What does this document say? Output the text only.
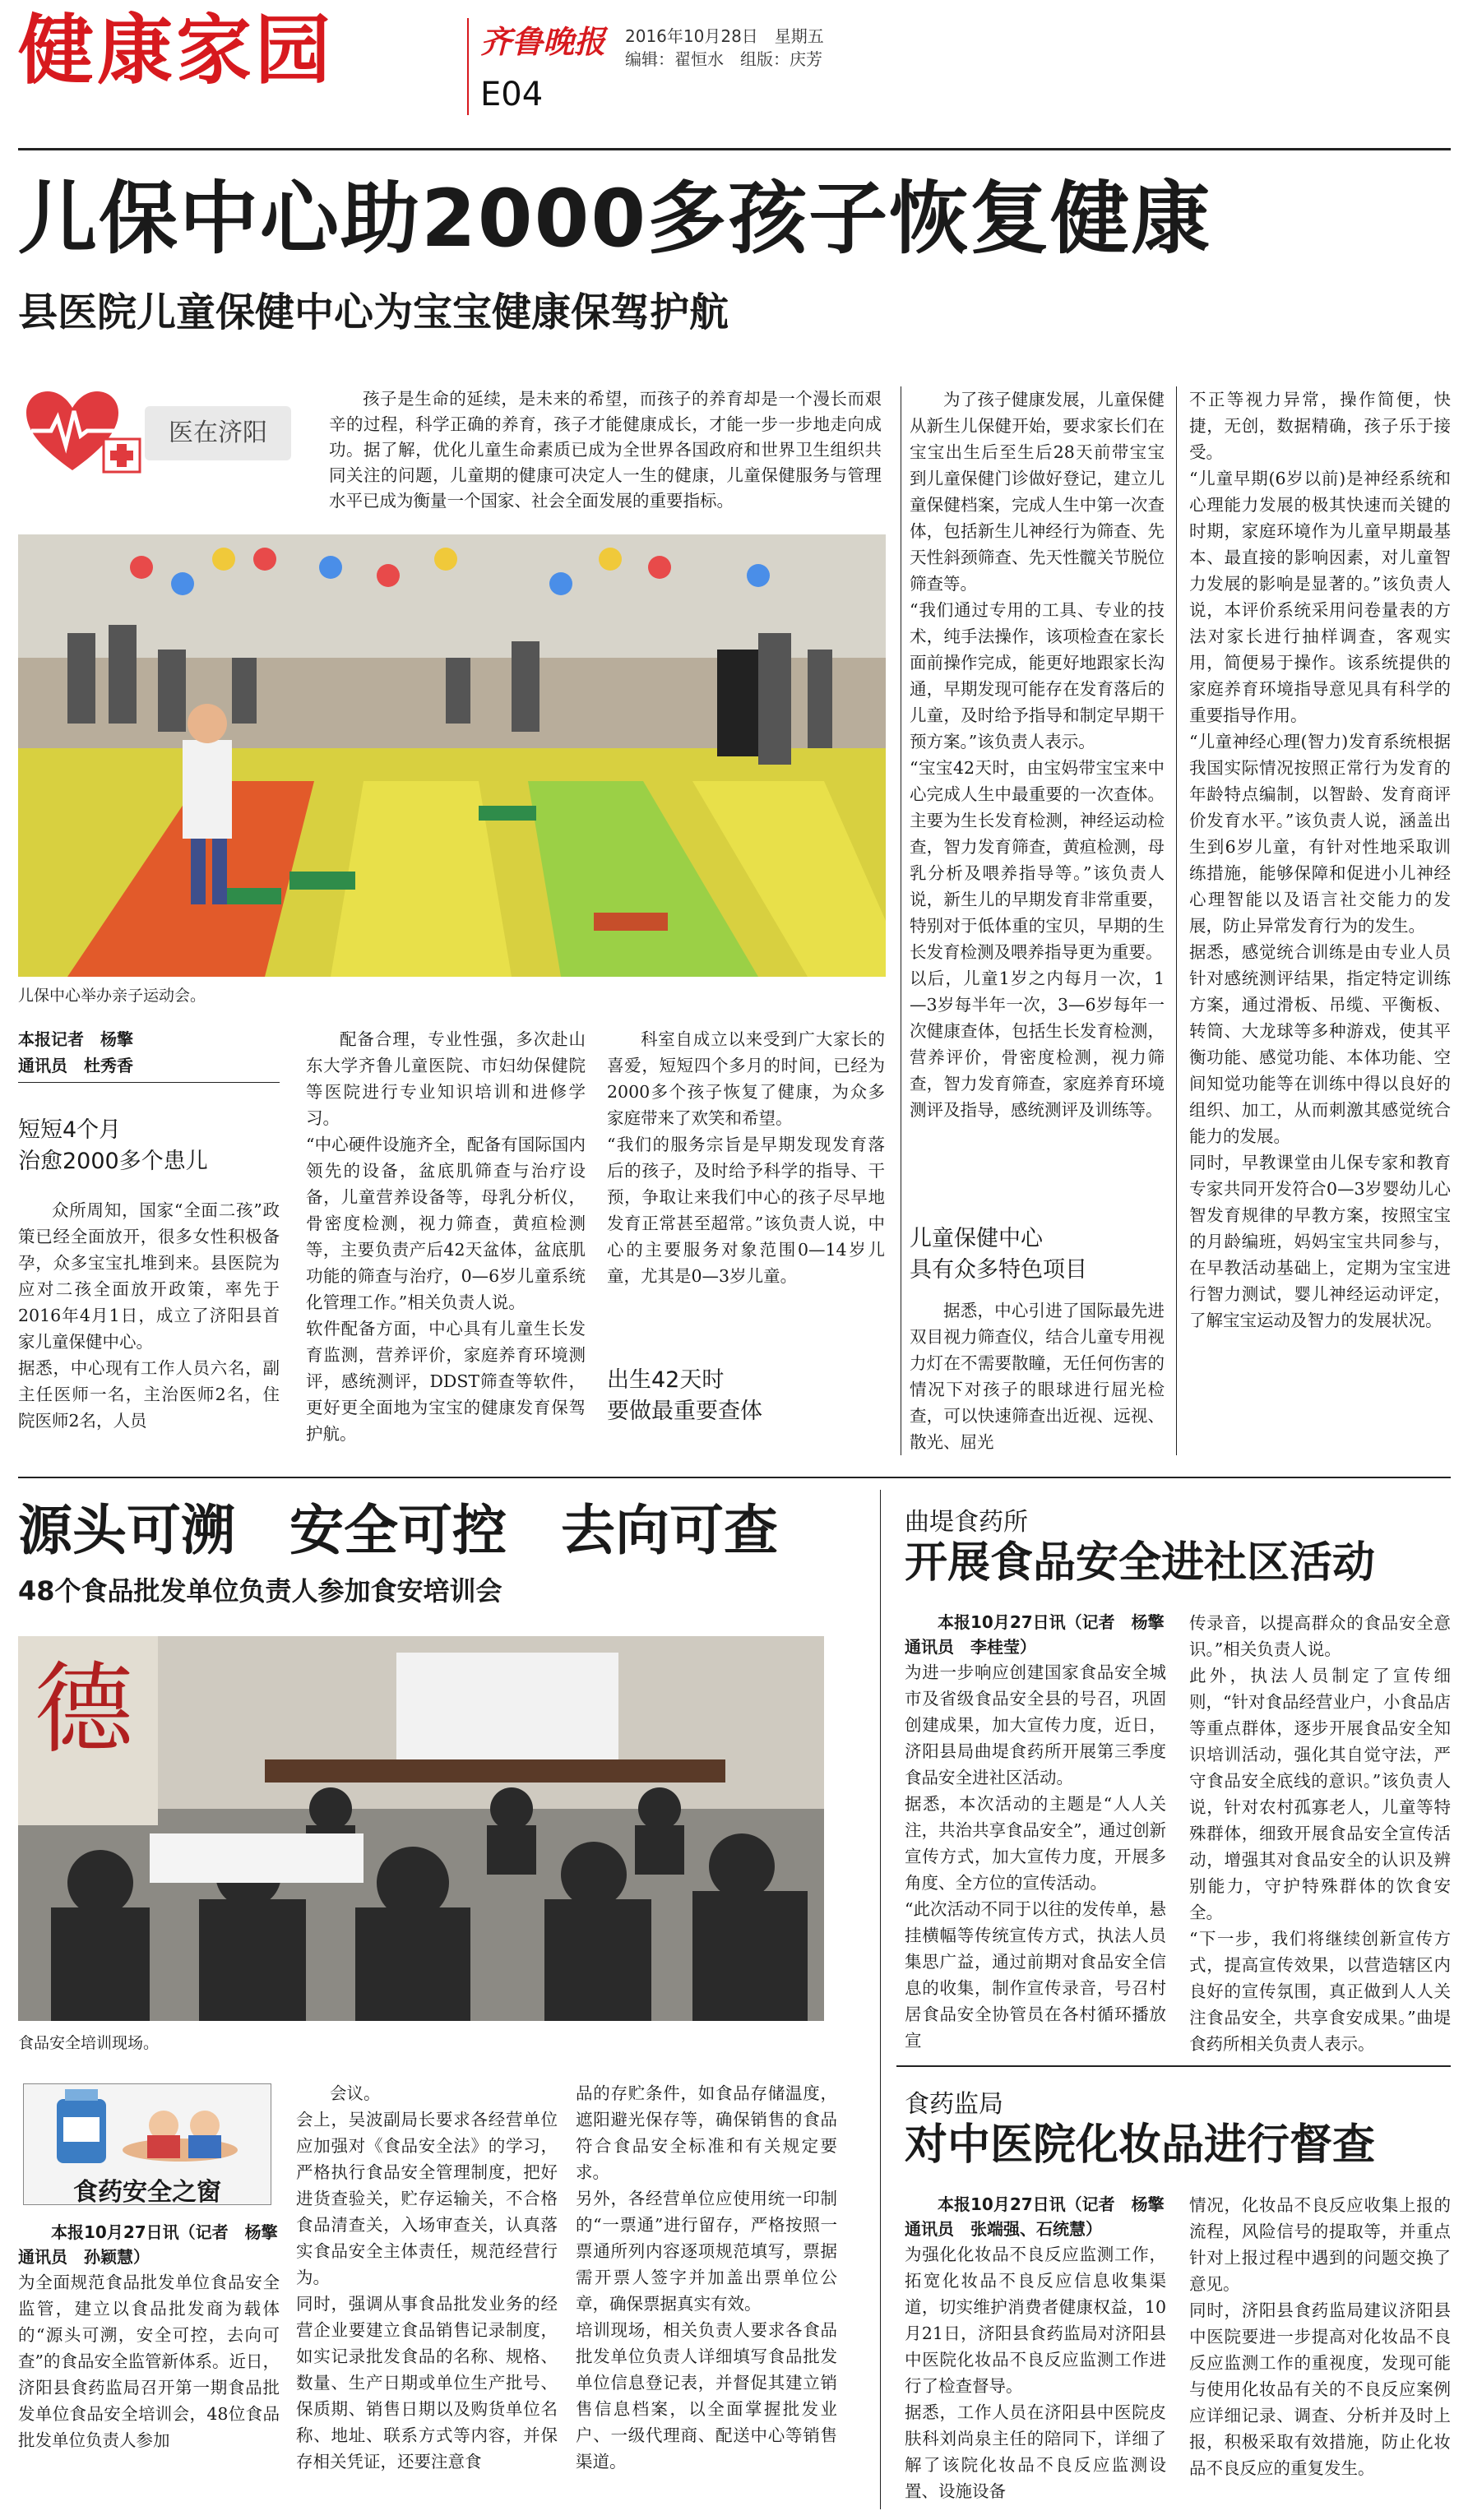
健康家园	齐鲁晚报 2016年10月28日　星期五
编辑：翟恒水　组版：庆芳
E04
儿保中心助2000多孩子恢复健康
县医院儿童保健中心为宝宝健康保驾护航
医在济阳

孩子是生命的延续，是未来的希望，而孩子的养育却是一个漫长而艰辛的过程，科学正确的养育，孩子才能健康成长，才能一步一步地走向成功。据了解，优化儿童生命素质已成为全世界各国政府和世界卫生组织共同关注的问题，儿童期的健康可决定人一生的健康，儿童保健服务与管理水平已成为衡量一个国家、社会全面发展的重要指标。

儿保中心举办亲子运动会。
本报记者　杨擎
通讯员　杜秀香
短短4个月
治愈2000多个患儿
众所周知，国家“全面二孩”政策已经全面放开，很多女性积极备孕，众多宝宝扎堆到来。县医院为应对二孩全面放开政策，率先于2016年4月1日，成立了济阳县首家儿童保健中心。
据悉，中心现有工作人员六名，副主任医师一名，主治医师2名，住院医师2名，人员
配备合理，专业性强，多次赴山东大学齐鲁儿童医院、市妇幼保健院等医院进行专业知识培训和进修学习。
“中心硬件设施齐全，配备有国际国内领先的设备，盆底肌筛查与治疗设备，儿童营养设备等，母乳分析仪，骨密度检测，视力筛查，黄疸检测等，主要负责产后42天盆体，盆底肌功能的筛查与治疗，0—6岁儿童系统化管理工作。”相关负责人说。
软件配备方面，中心具有儿童生长发育监测，营养评价，家庭养育环境测评，感统测评，DDST筛查等软件，更好更全面地为宝宝的健康发育保驾护航。
科室自成立以来受到广大家长的喜爱，短短四个多月的时间，已经为2000多个孩子恢复了健康，为众多家庭带来了欢笑和希望。
“我们的服务宗旨是早期发现发育落后的孩子，及时给予科学的指导、干预，争取让来我们中心的孩子尽早地发育正常甚至超常。”该负责人说，中心的主要服务对象范围0—14岁儿童，尤其是0—3岁儿童。
出生42天时
要做最重要查体
为了孩子健康发展，儿童保健从新生儿保健开始，要求家长们在宝宝出生后至生后28天前带宝宝到儿童保健门诊做好登记，建立儿童保健档案，完成人生中第一次查体，包括新生儿神经行为筛查、先天性斜颈筛查、先天性髋关节脱位筛查等。
“我们通过专用的工具、专业的技术，纯手法操作，该项检查在家长面前操作完成，能更好地跟家长沟通，早期发现可能存在发育落后的儿童，及时给予指导和制定早期干预方案。”该负责人表示。
“宝宝42天时，由宝妈带宝宝来中心完成人生中最重要的一次查体。主要为生长发育检测，神经运动检查，智力发育筛查，黄疸检测，母乳分析及喂养指导等。”该负责人说，新生儿的早期发育非常重要，特别对于低体重的宝贝，早期的生长发育检测及喂养指导更为重要。
以后，儿童1岁之内每月一次，1—3岁每半年一次，3—6岁每年一次健康查体，包括生长发育检测，营养评价，骨密度检测，视力筛查，智力发育筛查，家庭养育环境测评及指导，感统测评及训练等。
儿童保健中心
具有众多特色项目
据悉，中心引进了国际最先进双目视力筛查仪，结合儿童专用视力灯在不需要散瞳，无任何伤害的情况下对孩子的眼球进行屈光检查，可以快速筛查出近视、远视、散光、屈光
不正等视力异常，操作简便，快捷，无创，数据精确，孩子乐于接受。
“儿童早期(6岁以前)是神经系统和心理能力发展的极其快速而关键的时期，家庭环境作为儿童早期最基本、最直接的影响因素，对儿童智力发展的影响是显著的。”该负责人说，本评价系统采用问卷量表的方法对家长进行抽样调查，客观实用，简便易于操作。该系统提供的家庭养育环境指导意见具有科学的重要指导作用。
“儿童神经心理(智力)发育系统根据我国实际情况按照正常行为发育的年龄特点编制，以智龄、发育商评价发育水平。”该负责人说，涵盖出生到6岁儿童，有针对性地采取训练措施，能够保障和促进小儿神经心理智能以及语言社交能力的发展，防止异常发育行为的发生。
据悉，感觉统合训练是由专业人员针对感统测评结果，指定特定训练方案，通过滑板、吊缆、平衡板、转筒、大龙球等多种游戏，使其平衡功能、感觉功能、本体功能、空间知觉功能等在训练中得以良好的组织、加工，从而刺激其感觉统合能力的发展。
同时，早教课堂由儿保专家和教育专家共同开发符合0—3岁婴幼儿心智发育规律的早教方案，按照宝宝的月龄编班，妈妈宝宝共同参与，在早教活动基础上，定期为宝宝进行智力测试，婴儿神经运动评定，了解宝宝运动及智力的发展状况。
源头可溯　安全可控　去向可查
48个食品批发单位负责人参加食安培训会
德
食品安全培训现场。
食药安全之窗
本报10月27日讯（记者　杨擎　通讯员　孙颖慧）
为全面规范食品批发单位食品安全监管，建立以食品批发商为载体的“源头可溯，安全可控，去向可查”的食品安全监管新体系。近日，济阳县食药监局召开第一期食品批发单位食品安全培训会，48位食品批发单位负责人参加
会议。
会上，吴波副局长要求各经营单位应加强对《食品安全法》的学习，严格执行食品安全管理制度，把好进货查验关，贮存运输关，不合格食品清查关，入场审查关，认真落实食品安全主体责任，规范经营行为。
同时，强调从事食品批发业务的经营企业要建立食品销售记录制度，如实记录批发食品的名称、规格、数量、生产日期或单位生产批号、保质期、销售日期以及购货单位名称、地址、联系方式等内容，并保存相关凭证，还要注意食
品的存贮条件，如食品存储温度，遮阳避光保存等，确保销售的食品符合食品安全标准和有关规定要求。
另外，各经营单位应使用统一印制的“一票通”进行留存，严格按照一票通所列内容逐项规范填写，票据需开票人签字并加盖出票单位公章，确保票据真实有效。
培训现场，相关负责人要求各食品批发单位负责人详细填写食品批发单位信息登记表，并督促其建立销售信息档案，以全面掌握批发业户、一级代理商、配送中心等销售渠道。
曲堤食药所
开展食品安全进社区活动
本报10月27日讯（记者　杨擎　通讯员　李桂莹）
为进一步响应创建国家食品安全城市及省级食品安全县的号召，巩固创建成果，加大宣传力度，近日，济阳县局曲堤食药所开展第三季度食品安全进社区活动。
据悉，本次活动的主题是“人人关注，共治共享食品安全”，通过创新宣传方式，加大宣传力度，开展多角度、全方位的宣传活动。
“此次活动不同于以往的发传单，悬挂横幅等传统宣传方式，执法人员集思广益，通过前期对食品安全信息的收集，制作宣传录音，号召村居食品安全协管员在各村循环播放宣
传录音，以提高群众的食品安全意识。”相关负责人说。
此外，执法人员制定了宣传细则，“针对食品经营业户，小食品店等重点群体，逐步开展食品安全知识培训活动，强化其自觉守法，严守食品安全底线的意识。”该负责人说，针对农村孤寡老人，儿童等特殊群体，细致开展食品安全宣传活动，增强其对食品安全的认识及辨别能力，守护特殊群体的饮食安全。
“下一步，我们将继续创新宣传方式，提高宣传效果，以营造辖区内良好的宣传氛围，真正做到人人关注食品安全，共享食安成果。”曲堤食药所相关负责人表示。
食药监局
对中医院化妆品进行督查
本报10月27日讯（记者　杨擎　通讯员　张端强、石统慧）
为强化化妆品不良反应监测工作，拓宽化妆品不良反应信息收集渠道，切实维护消费者健康权益，10月21日，济阳县食药监局对济阳县中医院化妆品不良反应监测工作进行了检查督导。
据悉，工作人员在济阳县中医院皮肤科刘尚泉主任的陪同下，详细了解了该院化妆品不良反应监测设置、设施设备
情况，化妆品不良反应收集上报的流程，风险信号的提取等，并重点针对上报过程中遇到的问题交换了意见。
同时，济阳县食药监局建议济阳县中医院要进一步提高对化妆品不良反应监测工作的重视度，发现可能与使用化妆品有关的不良反应案例应详细记录、调查、分析并及时上报，积极采取有效措施，防止化妆品不良反应的重复发生。
